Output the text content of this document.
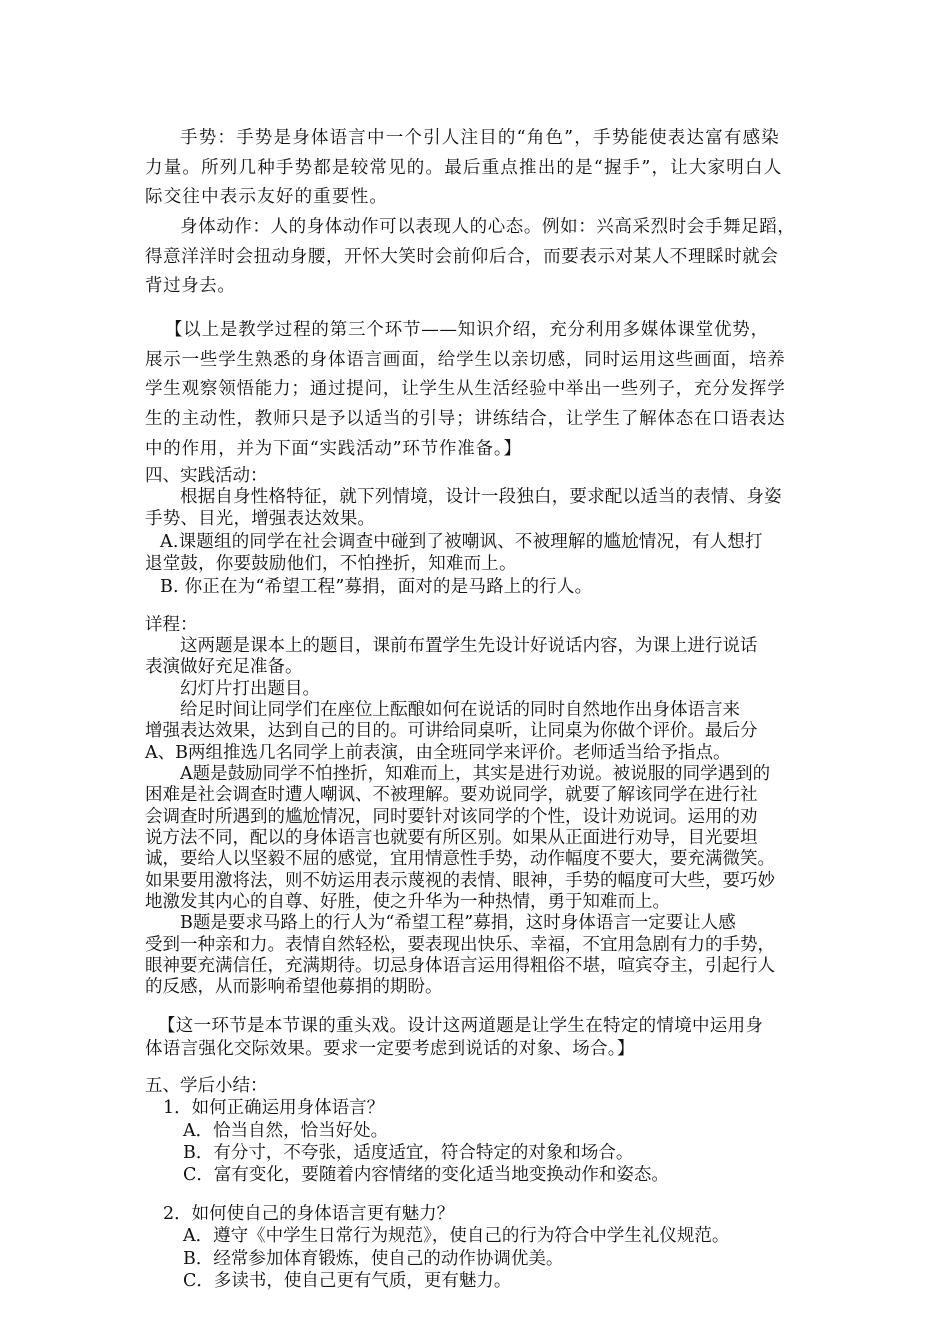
手势：手势是身体语言中一个引人注目的“角色”，手势能使表达富有感染

力量。所列几种手势都是较常见的。最后重点推出的是“握手”，让大家明白人

际交往中表示友好的重要性。

身体动作：人的身体动作可以表现人的心态。例如：兴高采烈时会手舞足蹈，

得意洋洋时会扭动身腰，开怀大笑时会前仰后合，而要表示对某人不理睬时就会

背过身去。

【以上是教学过程的第三个环节——知识介绍，充分利用多媒体课堂优势，

展示一些学生熟悉的身体语言画面，给学生以亲切感，同时运用这些画面，培养

学生观察领悟能力；通过提问，让学生从生活经验中举出一些列子，充分发挥学

生的主动性，教师只是予以适当的引导；讲练结合，让学生了解体态在口语表达

中的作用，并为下面“实践活动”环节作准备。】

四、实践活动：

根据自身性格特征，就下列情境，设计一段独白，要求配以适当的表情、身姿

手势、目光，增强表达效果。

A.课题组的同学在社会调查中碰到了被嘲讽、不被理解的尴尬情况，有人想打

退堂鼓，你要鼓励他们，不怕挫折，知难而上。

B. 你正在为“希望工程”募捐，面对的是马路上的行人。

详程：

这两题是课本上的题目，课前布置学生先设计好说话内容，为课上进行说话

表演做好充足准备。

幻灯片打出题目。

给足时间让同学们在座位上酝酿如何在说话的同时自然地作出身体语言来

增强表达效果，达到自己的目的。可讲给同桌听，让同桌为你做个评价。最后分

A、B两组推选几名同学上前表演，由全班同学来评价。老师适当给予指点。

A题是鼓励同学不怕挫折，知难而上，其实是进行劝说。被说服的同学遇到的

困难是社会调查时遭人嘲讽、不被理解。要劝说同学，就要了解该同学在进行社

会调查时所遇到的尴尬情况，同时要针对该同学的个性，设计劝说词。运用的劝

说方法不同，配以的身体语言也就要有所区别。如果从正面进行劝导，目光要坦

诚，要给人以坚毅不屈的感觉，宜用情意性手势，动作幅度不要大，要充满微笑。

如果要用激将法，则不妨运用表示蔑视的表情、眼神，手势的幅度可大些，要巧妙

地激发其内心的自尊、好胜，使之升华为一种热情，勇于知难而上。

B题是要求马路上的行人为“希望工程”募捐，这时身体语言一定要让人感

受到一种亲和力。表情自然轻松，要表现出快乐、幸福，不宜用急剧有力的手势，

眼神要充满信任，充满期待。切忌身体语言运用得粗俗不堪，喧宾夺主，引起行人

的反感，从而影响希望他募捐的期盼。

【这一环节是本节课的重头戏。设计这两道题是让学生在特定的情境中运用身

体语言强化交际效果。要求一定要考虑到说话的对象、场合。】

五、学后小结：

1．如何正确运用身体语言？

A．恰当自然，恰当好处。

B．有分寸，不夸张，适度适宜，符合特定的对象和场合。

C．富有变化，要随着内容情绪的变化适当地变换动作和姿态。

2．如何使自己的身体语言更有魅力？

A．遵守《中学生日常行为规范》，使自己的行为符合中学生礼仪规范。

B．经常参加体育锻炼，使自己的动作协调优美。

C．多读书，使自己更有气质，更有魅力。
